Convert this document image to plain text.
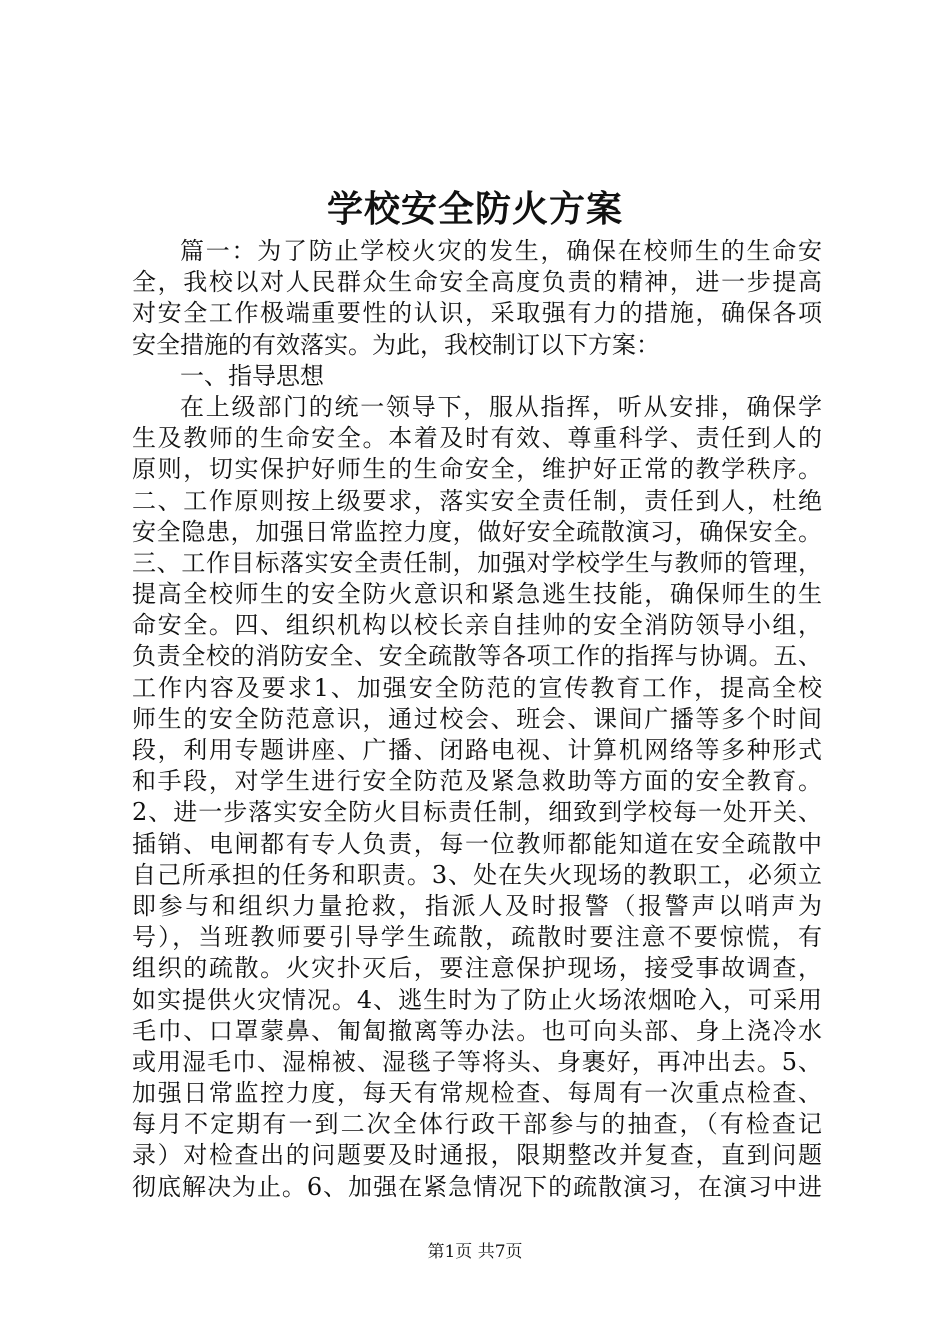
学校安全防火方案
篇一：为了防止学校火灾的发生，确保在校师生的生命安
全，我校以对人民群众生命安全高度负责的精神，进一步提高
对安全工作极端重要性的认识，采取强有力的措施，确保各项
安全措施的有效落实。为此，我校制订以下方案：
一、指导思想
在上级部门的统一领导下，服从指挥，听从安排，确保学
生及教师的生命安全。本着及时有效、尊重科学、责任到人的
原则，切实保护好师生的生命安全，维护好正常的教学秩序。
二、工作原则按上级要求，落实安全责任制，责任到人，杜绝
安全隐患，加强日常监控力度，做好安全疏散演习，确保安全。
三、工作目标落实安全责任制，加强对学校学生与教师的管理，
提高全校师生的安全防火意识和紧急逃生技能，确保师生的生
命安全。四、组织机构以校长亲自挂帅的安全消防领导小组，
负责全校的消防安全、安全疏散等各项工作的指挥与协调。五、
工作内容及要求1、加强安全防范的宣传教育工作，提高全校
师生的安全防范意识，通过校会、班会、课间广播等多个时间
段，利用专题讲座、广播、闭路电视、计算机网络等多种形式
和手段，对学生进行安全防范及紧急救助等方面的安全教育。
2、进一步落实安全防火目标责任制，细致到学校每一处开关、
插销、电闸都有专人负责，每一位教师都能知道在安全疏散中
自己所承担的任务和职责。3、处在失火现场的教职工，必须立
即参与和组织力量抢救，指派人及时报警（报警声以哨声为
号），当班教师要引导学生疏散，疏散时要注意不要惊慌，有
组织的疏散。火灾扑灭后，要注意保护现场，接受事故调查，
如实提供火灾情况。4、逃生时为了防止火场浓烟呛入，可采用
毛巾、口罩蒙鼻、匍匐撤离等办法。也可向头部、身上浇冷水
或用湿毛巾、湿棉被、湿毯子等将头、身裹好，再冲出去。5、
加强日常监控力度，每天有常规检查、每周有一次重点检查、
每月不定期有一到二次全体行政干部参与的抽查，（有检查记
录）对检查出的问题要及时通报，限期整改并复查，直到问题
彻底解决为止。6、加强在紧急情况下的疏散演习，在演习中进
第1页 共7页
